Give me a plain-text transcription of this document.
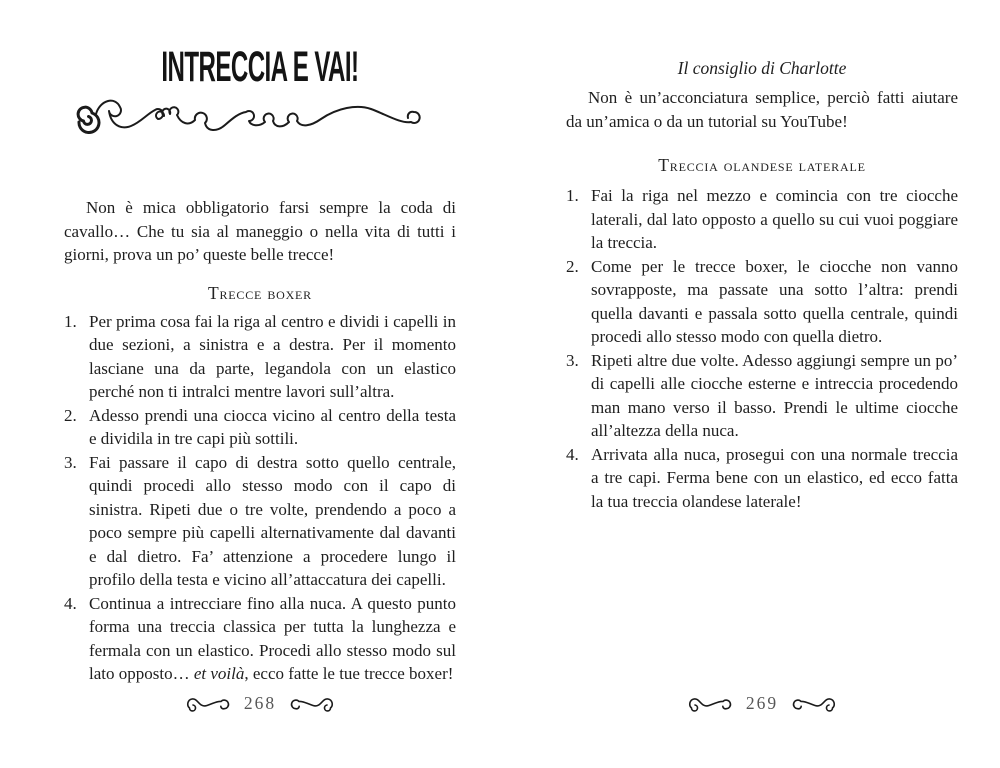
INTRECCIA E VAI!

Non è mica obbligatorio farsi sempre la coda di cavallo… Che tu sia al maneggio o nella vita di tutti i giorni, prova un po’ queste belle trecce!

Trecce boxer
1. Per prima cosa fai la riga al centro e dividi i capelli in due sezioni, a sinistra e a destra. Per il momento lasciane una da parte, legandola con un elastico perché non ti intralci mentre lavori sull’altra.
2. Adesso prendi una ciocca vicino al centro della testa e dividila in tre capi più sottili.
3. Fai passare il capo di destra sotto quello centrale, quindi procedi allo stesso modo con il capo di sinistra. Ripeti due o tre volte, prendendo a poco a poco sempre più capelli alternativamente dal davanti e dal dietro. Fa’ attenzione a procedere lungo il profilo della testa e vicino all’attaccatura dei capelli.
4. Continua a intrecciare fino alla nuca. A questo punto forma una treccia classica per tutta la lunghezza e fermala con un elastico. Procedi allo stesso modo sul lato opposto… et voilà, ecco fatte le tue trecce boxer!

Il consiglio di Charlotte

Non è un’acconciatura semplice, perciò fatti aiutare da un’amica o da un tutorial su YouTube!

Treccia olandese laterale
1. Fai la riga nel mezzo e comincia con tre ciocche laterali, dal lato opposto a quello su cui vuoi poggiare la treccia.
2. Come per le trecce boxer, le ciocche non vanno sovrapposte, ma passate una sotto l’altra: prendi quella davanti e passala sotto quella centrale, quindi procedi allo stesso modo con quella dietro.
3. Ripeti altre due volte. Adesso aggiungi sempre un po’ di capelli alle ciocche esterne e intreccia procedendo man mano verso il basso. Prendi le ultime ciocche all’altezza della nuca.
4. Arrivata alla nuca, prosegui con una normale treccia a tre capi. Ferma bene con un elastico, ed ecco fatta la tua treccia olandese laterale!
268	269
